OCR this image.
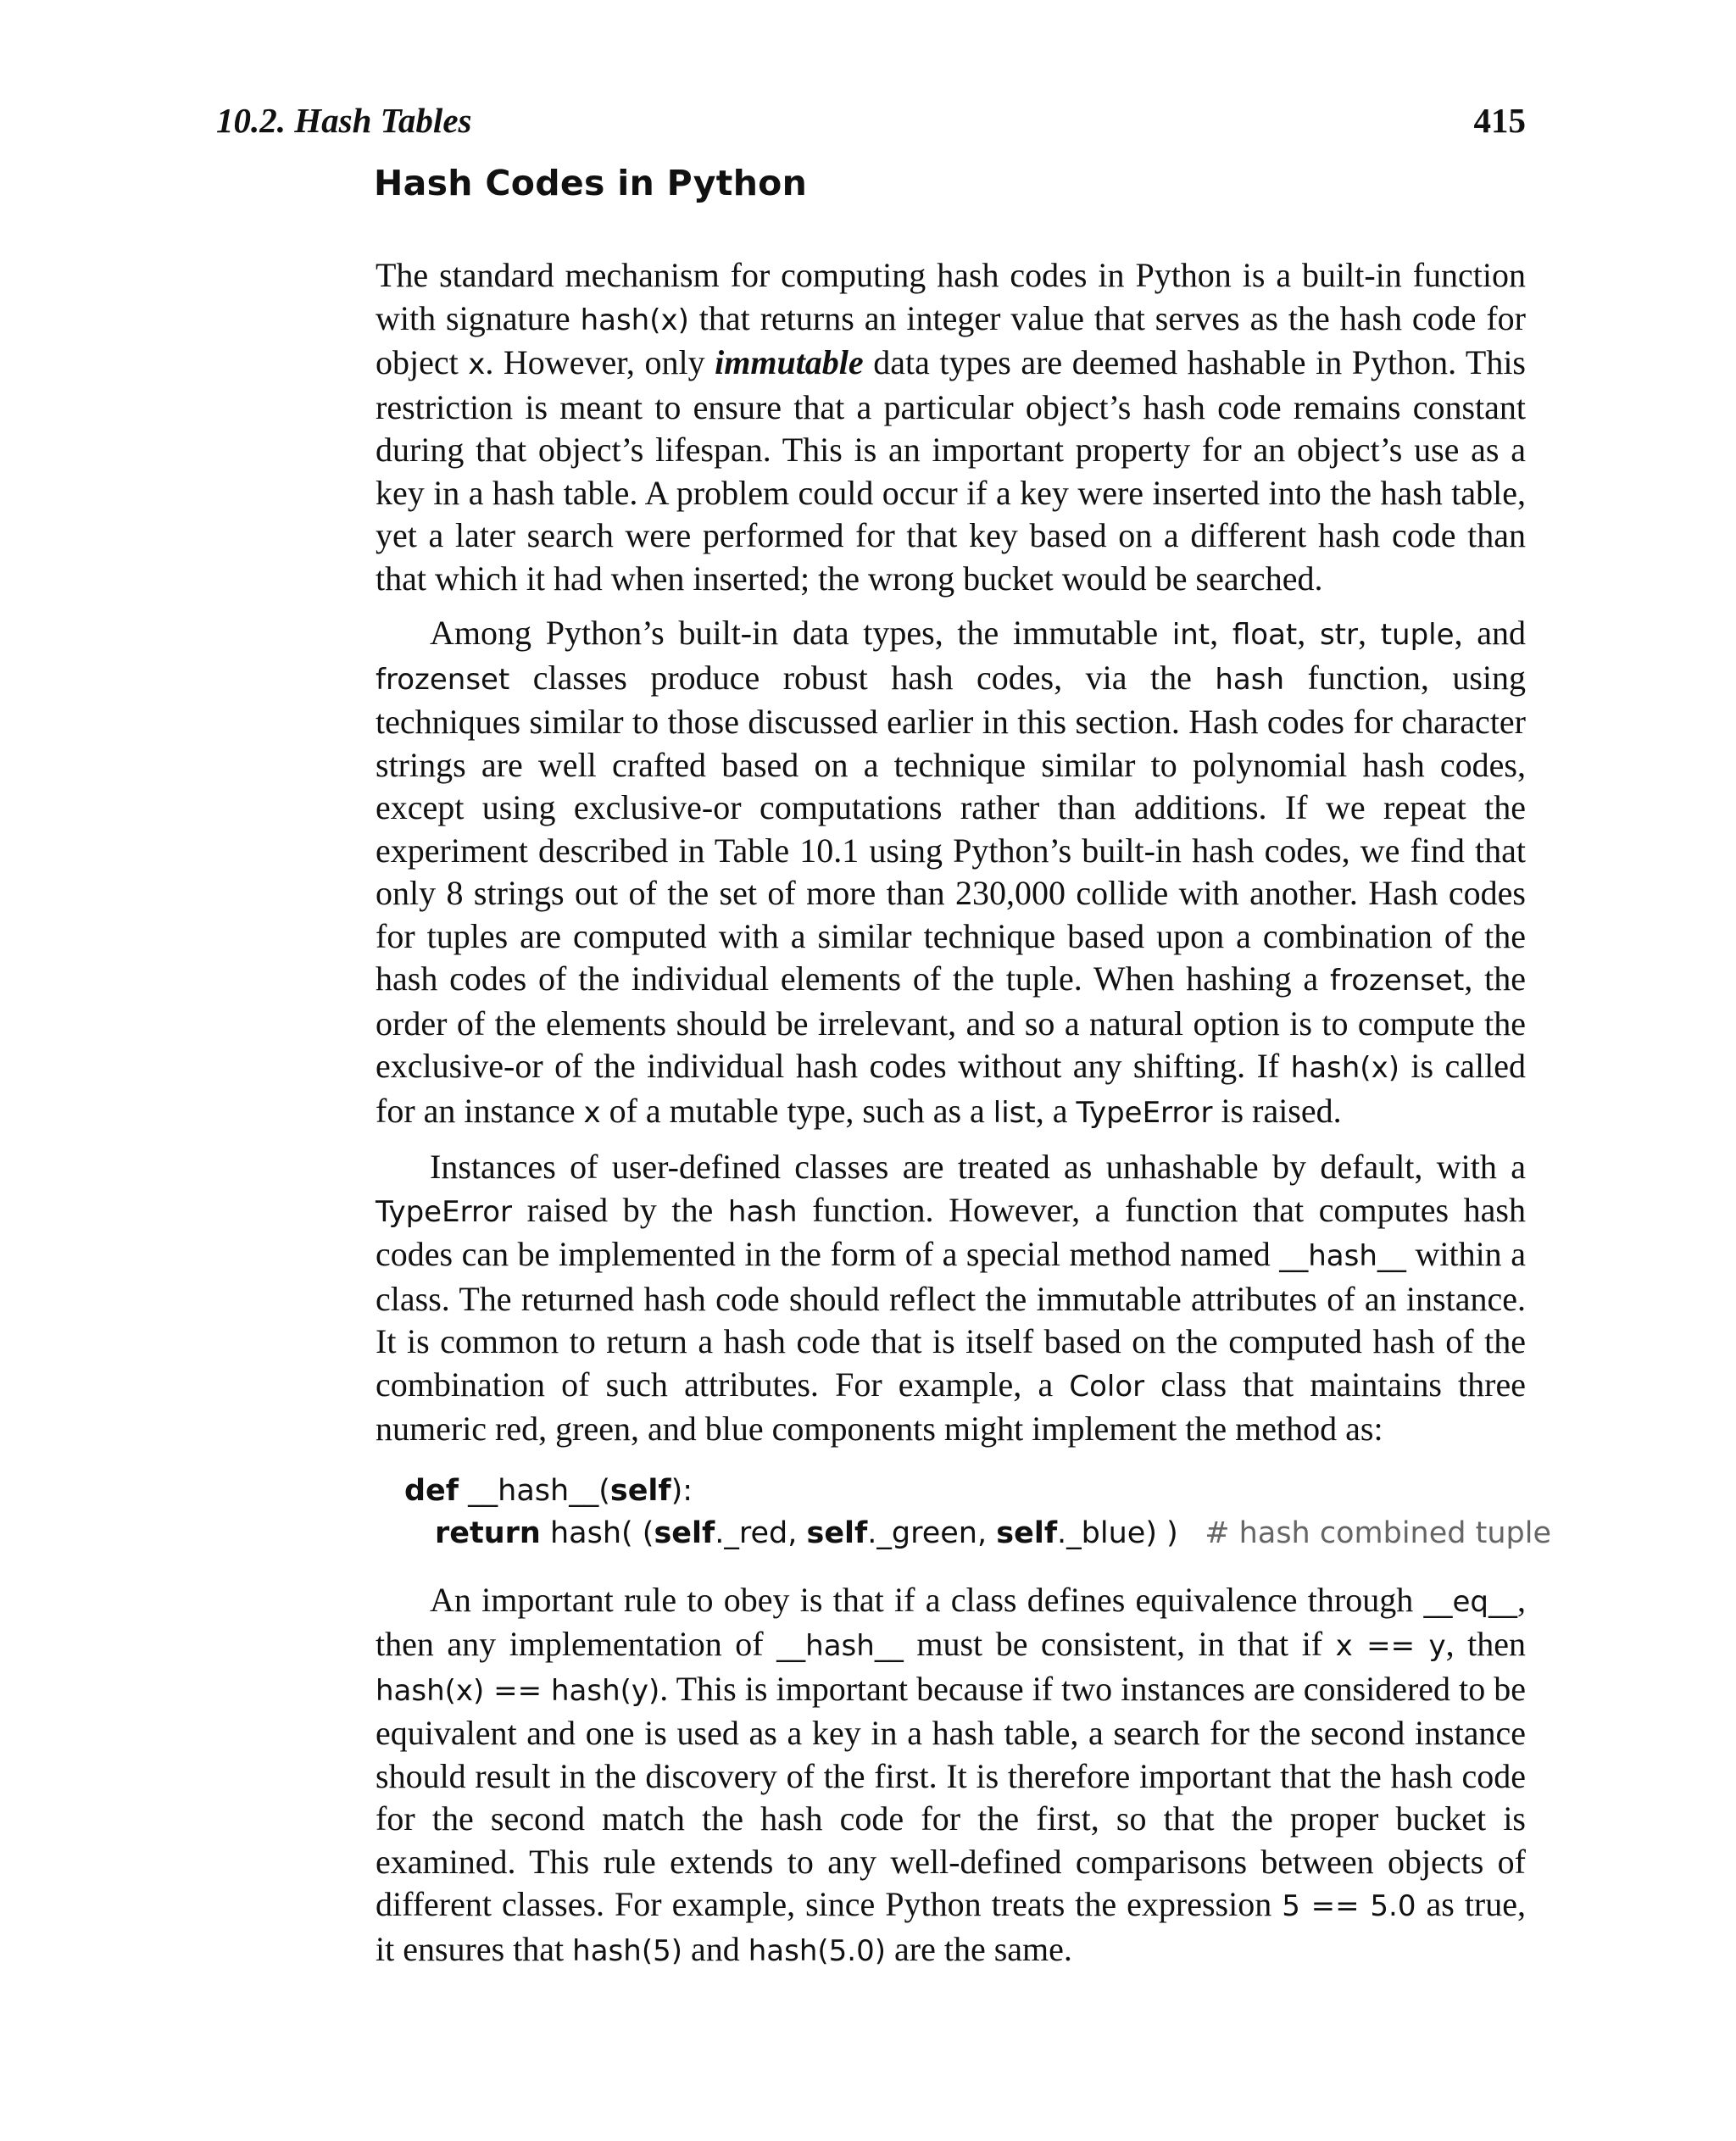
10.2. Hash Tables	415
Hash Codes in Python

The standard mechanism for computing hash codes in Python is a built-in function with signature hash(x) that returns an integer value that serves as the hash code for object x. However, only immutable data types are deemed hashable in Python. This restriction is meant to ensure that a particular object’s hash code remains constant during that object’s lifespan. This is an important property for an object’s use as a key in a hash table. A problem could occur if a key were inserted into the hash table, yet a later search were performed for that key based on a different hash code than that which it had when inserted; the wrong bucket would be searched.

Among Python’s built-in data types, the immutable int, float, str, tuple, and frozenset classes produce robust hash codes, via the hash function, using techniques similar to those discussed earlier in this section. Hash codes for character strings are well crafted based on a technique similar to polynomial hash codes, except using exclusive-or computations rather than additions. If we repeat the experiment described in Table 10.1 using Python’s built-in hash codes, we find that only 8 strings out of the set of more than 230,000 collide with another. Hash codes for tuples are computed with a similar technique based upon a combination of the hash codes of the individual elements of the tuple. When hashing a frozenset, the order of the elements should be irrelevant, and so a natural option is to compute the exclusive-or of the individual hash codes without any shifting. If hash(x) is called for an instance x of a mutable type, such as a list, a TypeError is raised.

Instances of user-defined classes are treated as unhashable by default, with a TypeError raised by the hash function. However, a function that computes hash codes can be implemented in the form of a special method named __hash__ within a class. The returned hash code should reflect the immutable attributes of an instance. It is common to return a hash code that is itself based on the computed hash of the combination of such attributes. For example, a Color class that maintains three numeric red, green, and blue components might implement the method as:

def __hash__(self):
return hash( (self._red, self._green, self._blue) ) # hash combined tuple

An important rule to obey is that if a class defines equivalence through __eq__, then any implementation of __hash__ must be consistent, in that if x == y, then hash(x) == hash(y). This is important because if two instances are considered to be equivalent and one is used as a key in a hash table, a search for the second instance should result in the discovery of the first. It is therefore important that the hash code for the second match the hash code for the first, so that the proper bucket is examined. This rule extends to any well-defined comparisons between objects of different classes. For example, since Python treats the expression 5 == 5.0 as true, it ensures that hash(5) and hash(5.0) are the same.
